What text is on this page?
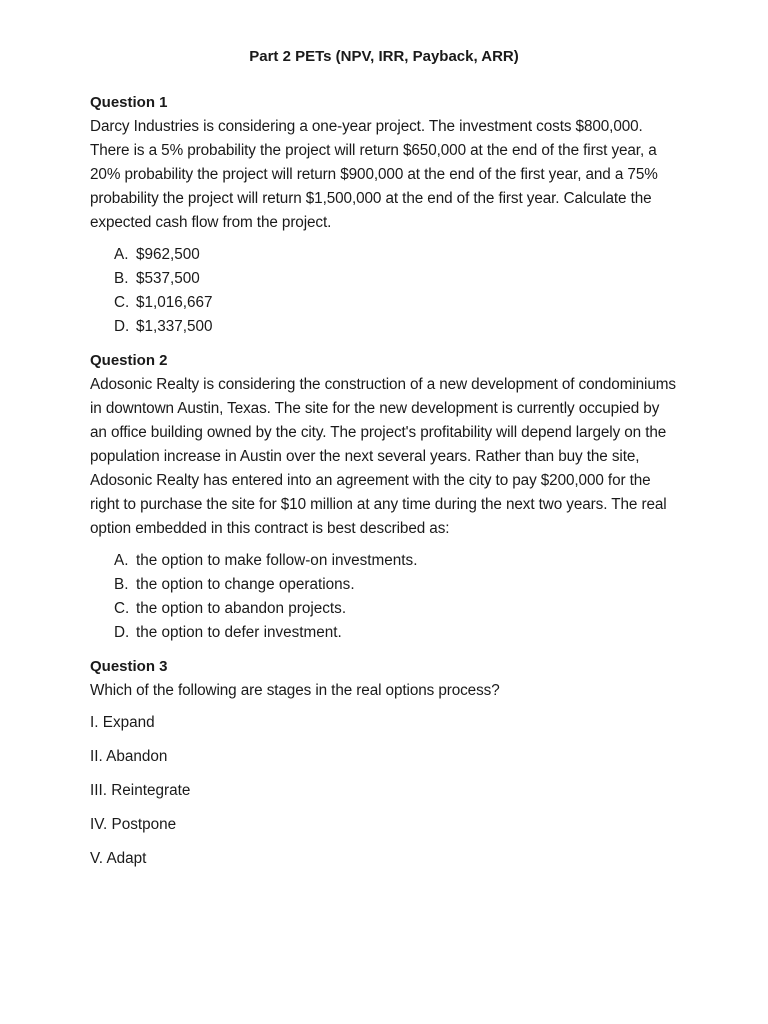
Part 2 PETs (NPV, IRR, Payback, ARR)

Question 1

Darcy Industries is considering a one-year project. The investment costs $800,000. There is a 5% probability the project will return $650,000 at the end of the first year, a 20% probability the project will return $900,000 at the end of the first year, and a 75% probability the project will return $1,500,000 at the end of the first year. Calculate the expected cash flow from the project.

A. $962,500
B. $537,500
C. $1,016,667
D. $1,337,500

Question 2

Adosonic Realty is considering the construction of a new development of condominiums in downtown Austin, Texas. The site for the new development is currently occupied by an office building owned by the city. The project's profitability will depend largely on the population increase in Austin over the next several years. Rather than buy the site, Adosonic Realty has entered into an agreement with the city to pay $200,000 for the right to purchase the site for $10 million at any time during the next two years. The real option embedded in this contract is best described as:

A. the option to make follow-on investments.
B. the option to change operations.
C. the option to abandon projects.
D. the option to defer investment.

Question 3

Which of the following are stages in the real options process?

I. Expand
II. Abandon
III. Reintegrate
IV. Postpone
V. Adapt
